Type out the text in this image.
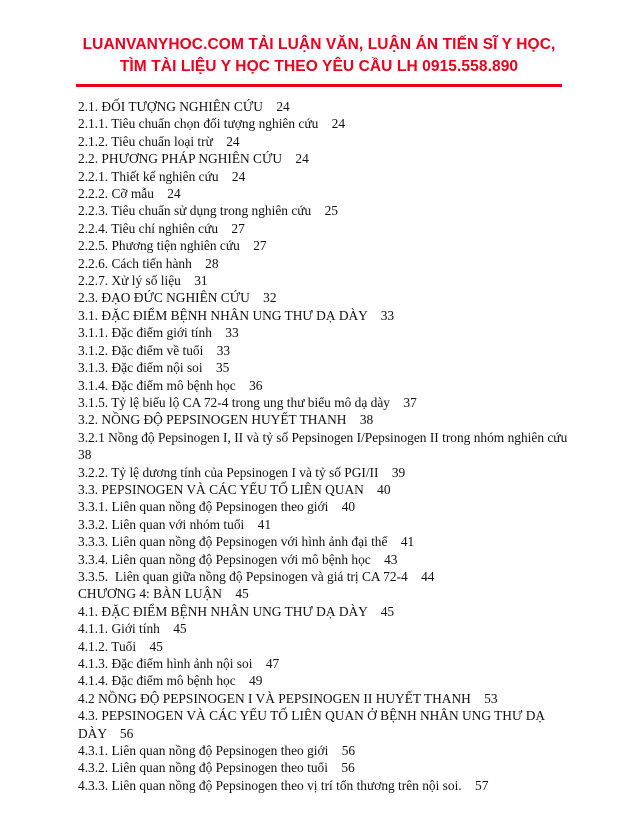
LUANVANYHOC.COM TẢI LUẬN VĂN, LUẬN ÁN TIẾN SĨ Y HỌC,
TÌM TÀI LIỆU Y HỌC THEO YÊU CẦU LH 0915.558.890
2.1. ĐỐI TƯỢNG NGHIÊN CỨU    24
2.1.1. Tiêu chuẩn chọn đối tượng nghiên cứu    24
2.1.2. Tiêu chuẩn loại trừ    24
2.2. PHƯƠNG PHÁP NGHIÊN CỨU    24
2.2.1. Thiết kế nghiên cứu    24
2.2.2. Cỡ mẫu    24
2.2.3. Tiêu chuẩn sử dụng trong nghiên cứu    25
2.2.4. Tiêu chí nghiên cứu    27
2.2.5. Phương tiện nghiên cứu    27
2.2.6. Cách tiến hành    28
2.2.7. Xử lý số liệu    31
2.3. ĐẠO ĐỨC NGHIÊN CỨU    32
3.1. ĐẶC ĐIỂM BỆNH NHÂN UNG THƯ DẠ DÀY    33
3.1.1. Đặc điểm giới tính    33
3.1.2. Đặc điểm về tuổi    33
3.1.3. Đặc điểm nội soi    35
3.1.4. Đặc điểm mô bệnh học    36
3.1.5. Tỷ lệ biểu lộ CA 72-4 trong ung thư biểu mô dạ dày    37
3.2. NỒNG ĐỘ PEPSINOGEN HUYẾT THANH    38
3.2.1 Nồng độ Pepsinogen I, II và tỷ số Pepsinogen I/Pepsinogen II trong nhóm nghiên cứu    38
3.2.2. Tỷ lệ dương tính của Pepsinogen I và tỷ số PGI/II    39
3.3. PEPSINOGEN VÀ CÁC YẾU TỐ LIÊN QUAN    40
3.3.1. Liên quan nồng độ Pepsinogen theo giới    40
3.3.2. Liên quan với nhóm tuổi    41
3.3.3. Liên quan nồng độ Pepsinogen với hình ảnh đại thể    41
3.3.4. Liên quan nồng độ Pepsinogen với mô bệnh học    43
3.3.5.  Liên quan giữa nồng độ Pepsinogen và giá trị CA 72-4    44
CHƯƠNG 4: BÀN LUẬN    45
4.1. ĐẶC ĐIỂM BỆNH NHÂN UNG THƯ DẠ DÀY    45
4.1.1. Giới tính    45
4.1.2. Tuổi    45
4.1.3. Đặc điểm hình ảnh nội soi    47
4.1.4. Đặc điểm mô bệnh học    49
4.2 NỒNG ĐỘ PEPSINOGEN I VÀ PEPSINOGEN II HUYẾT THANH    53
4.3. PEPSINOGEN VÀ CÁC YẾU TỐ LIÊN QUAN Ở BỆNH NHÂN UNG THƯ DẠ DÀY    56
4.3.1. Liên quan nồng độ Pepsinogen theo giới    56
4.3.2. Liên quan nồng độ Pepsinogen theo tuổi    56
4.3.3. Liên quan nồng độ Pepsinogen theo vị trí tổn thương trên nội soi.    57
